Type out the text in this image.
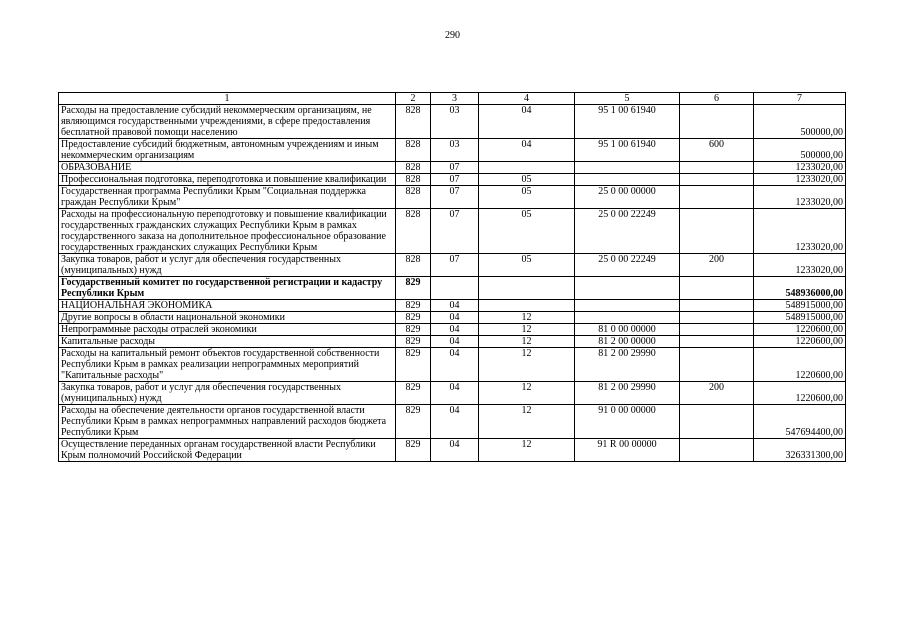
290
1	2	3	4	5	6	7
Расходы на предоставление субсидий некоммерческим организациям, не являющимся государственными учреждениями, в сфере предоставления бесплатной правовой помощи населению	828	03	04	95 1 00 61940		500000,00
Предоставление субсидий бюджетным, автономным учреждениям и иным некоммерческим организациям	828	03	04	95 1 00 61940	600	500000,00
ОБРАЗОВАНИЕ	828	07				1233020,00
Профессиональная подготовка, переподготовка и повышение квалификации	828	07	05			1233020,00
Государственная программа Республики Крым "Социальная поддержка граждан Республики Крым"	828	07	05	25 0 00 00000		1233020,00
Расходы на профессиональную переподготовку и повышение квалификации государственных гражданских служащих Республики Крым в рамках государственного заказа на дополнительное профессиональное образование государственных гражданских служащих Республики Крым	828	07	05	25 0 00 22249		1233020,00
Закупка товаров, работ и услуг для обеспечения государственных (муниципальных) нужд	828	07	05	25 0 00 22249	200	1233020,00
Государственный комитет по государственной регистрации и кадастру Республики Крым	829					548936000,00
НАЦИОНАЛЬНАЯ ЭКОНОМИКА	829	04				548915000,00
Другие вопросы в области национальной экономики	829	04	12			548915000,00
Непрограммные расходы отраслей экономики	829	04	12	81 0 00 00000		1220600,00
Капитальные расходы	829	04	12	81 2 00 00000		1220600,00
Расходы на капитальный ремонт объектов государственной собственности Республики Крым в рамках реализации непрограммных мероприятий "Капитальные расходы"	829	04	12	81 2 00 29990		1220600,00
Закупка товаров, работ и услуг для обеспечения государственных (муниципальных) нужд	829	04	12	81 2 00 29990	200	1220600,00
Расходы на обеспечение деятельности органов государственной власти Республики Крым в рамках непрограммных направлений расходов бюджета Республики Крым	829	04	12	91 0 00 00000		547694400,00
Осуществление переданных органам государственной власти Республики Крым полномочий Российской Федерации	829	04	12	91 R 00 00000		326331300,00
